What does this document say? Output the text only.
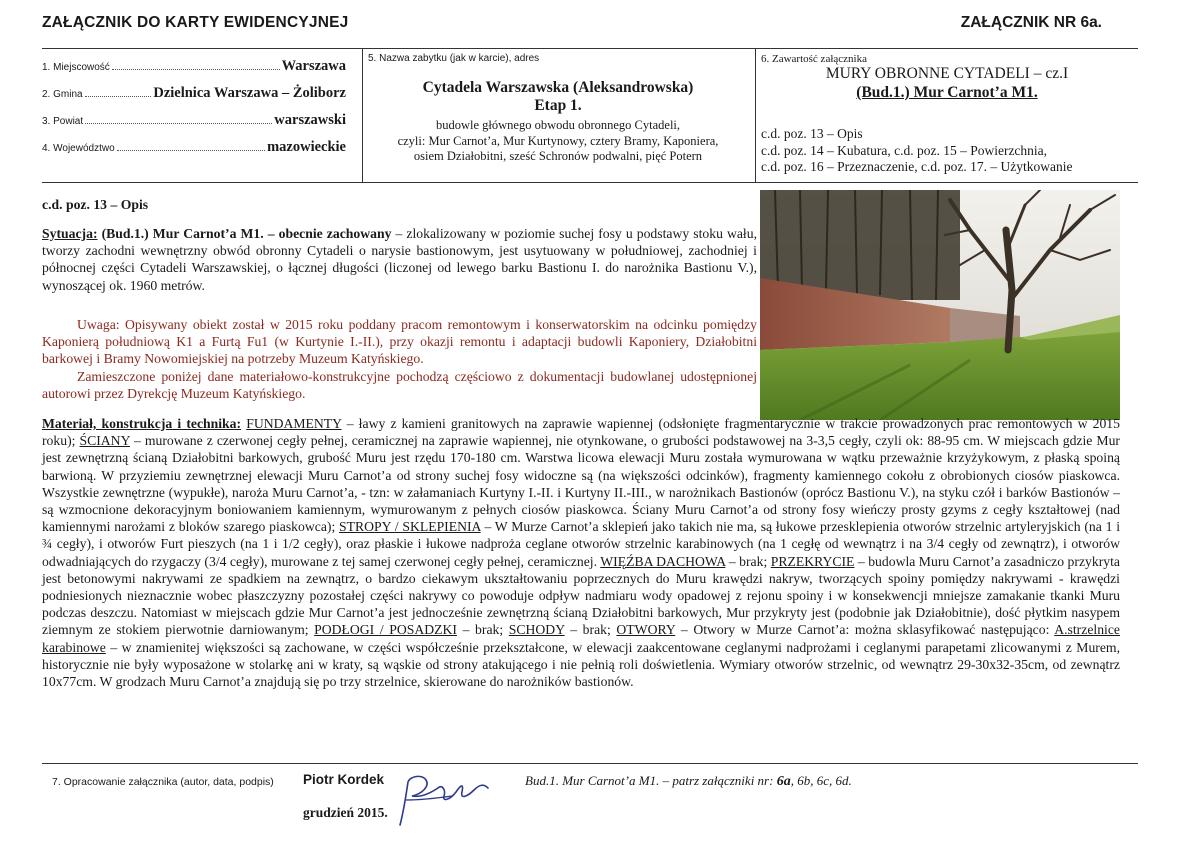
ZAŁĄCZNIK DO KARTY EWIDENCYJNEJ	ZAŁĄCZNIK NR 6a.
1. Miejscowość	Warszawa
2. Gmina	Dzielnica Warszawa – Żoliborz
3. Powiat	warszawski
4. Województwo	mazowieckie
5. Nazwa zabytku (jak w karcie), adres
Cytadela Warszawska (Aleksandrowska)
Etap 1.
budowle głównego obwodu obronnego Cytadeli,
czyli: Mur Carnot’a, Mur Kurtynowy, cztery Bramy, Kaponiera,
osiem Działobitni, sześć Schronów podwalni, pięć Potern
6. Zawartość załącznika
MURY OBRONNE CYTADELI – cz.I
(Bud.1.) Mur Carnot’a M1.
c.d. poz. 13 – Opis
c.d. poz. 14 – Kubatura, c.d. poz. 15 – Powierzchnia,
c.d. poz. 16 – Przeznaczenie, c.d. poz. 17. – Użytkowanie
c.d. poz. 13 – Opis
Sytuacja: (Bud.1.) Mur Carnot’a M1. – obecnie zachowany – zlokalizowany w poziomie suchej fosy u podstawy stoku wału, tworzy zachodni wewnętrzny obwód obronny Cytadeli o narysie bastionowym, jest usytuowany w południowej, zachodniej i północnej części Cytadeli Warszawskiej, o łącznej długości (liczonej od lewego barku Bastionu I. do narożnika Bastionu V.), wynoszącej ok. 1960 metrów.

Uwaga: Opisywany obiekt został w 2015 roku poddany pracom remontowym i konserwatorskim na odcinku pomiędzy Kaponierą południową K1 a Furtą Fu1 (w Kurtynie I.-II.), przy okazji remontu i adaptacji budowli Kaponiery, Działobitni barkowej i Bramy Nowomiejskiej na potrzeby Muzeum Katyńskiego.

Zamieszczone poniżej dane materiałowo-konstrukcyjne pochodzą częściowo z dokumentacji budowlanej udostępnionej autorowi przez Dyrekcję Muzeum Katyńskiego.

Materiał, konstrukcja i technika: FUNDAMENTY – ławy z kamieni granitowych na zaprawie wapiennej (odsłonięte fragmentarycznie w trakcie prowadzonych prac remontowych w 2015 roku); ŚCIANY – murowane z czerwonej cegły pełnej, ceramicznej na zaprawie wapiennej, nie otynkowane, o grubości podstawowej na 3-3,5 cegły, czyli ok: 88-95 cm. W miejscach gdzie Mur jest zewnętrzną ścianą Działobitni barkowych, grubość Muru jest rzędu 170-180 cm. Warstwa licowa elewacji Muru została wymurowana w wątku przeważnie krzyżykowym, z płaską spoiną barwioną. W przyziemiu zewnętrznej elewacji Muru Carnot’a od strony suchej fosy widoczne są (na większości odcinków), fragmenty kamiennego cokołu z obrobionych ciosów piaskowca. Wszystkie zewnętrzne (wypukłe), naroża Muru Carnot’a, - tzn: w załamaniach Kurtyny I.-II. i Kurtyny II.-III., w narożnikach Bastionów (oprócz Bastionu V.), na styku czół i barków Bastionów – są wzmocnione dekoracyjnym boniowaniem kamiennym, wymurowanym z pełnych ciosów piaskowca. Ściany Muru Carnot’a od strony fosy wieńczy prosty gzyms z cegły kształtowej (nad kamiennymi narożami z bloków szarego piaskowca); STROPY / SKLEPIENIA – W Murze Carnot’a sklepień jako takich nie ma, są łukowe przesklepienia otworów strzelnic artyleryjskich (na 1 i ¾ cegły), i otworów Furt pieszych (na 1 i 1/2 cegły), oraz płaskie i łukowe nadproża ceglane otworów strzelnic karabinowych (na 1 cegłę od wewnątrz i na 3/4 cegły od zewnątrz), i otworów odwadniających do rzygaczy (3/4 cegły), murowane z tej samej czerwonej cegły pełnej, ceramicznej. WIĘŹBA DACHOWA – brak; PRZEKRYCIE – budowla Muru Carnot’a zasadniczo przykryta jest betonowymi nakrywami ze spadkiem na zewnątrz, o bardzo ciekawym ukształtowaniu poprzecznych do Muru krawędzi nakryw, tworzących spoiny pomiędzy nakrywami - krawędzi podniesionych nieznacznie wobec płaszczyzny pozostałej części nakrywy co powoduje odpływ nadmiaru wody opadowej z rejonu spoiny i w konsekwencji mniejsze zamakanie tkanki Muru podczas deszczu. Natomiast w miejscach gdzie Mur Carnot’a jest jednocześnie zewnętrzną ścianą Działobitni barkowych, Mur przykryty jest (podobnie jak Działobitnie), dość płytkim nasypem ziemnym ze stokiem pierwotnie darniowanym; PODŁOGI / POSADZKI – brak; SCHODY – brak; OTWORY – Otwory w Murze Carnot’a: można sklasyfikować następująco: A.strzelnice karabinowe – w znamienitej większości są zachowane, w części współcześnie przekształcone, w elewacji zaakcentowane ceglanymi nadprożami i ceglanymi parapetami zlicowanymi z Murem, historycznie nie były wyposażone w stolarkę ani w kraty, są wąskie od strony atakującego i nie pełnią roli doświetlenia. Wymiary otworów strzelnic, od wewnątrz 29-30x32-35cm, od zewnątrz 10x77cm. W grodzach Muru Carnot’a znajdują się po trzy strzelnice, skierowane do narożników bastionów.
7. Opracowanie załącznika (autor, data, podpis) Piotr Kordek
grudzień 2015.
Bud.1. Mur Carnot’a M1. – patrz załączniki nr: 6a, 6b, 6c, 6d.
